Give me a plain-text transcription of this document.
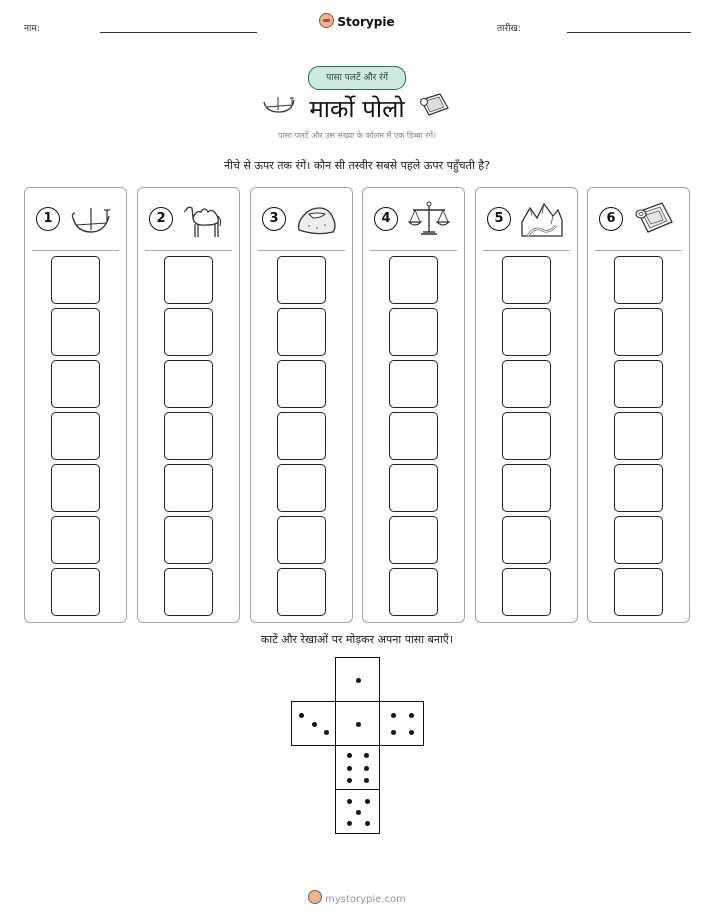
नाम:	Storypie	तारीख:
पासा पलटें और रंगें
मार्को पोलो
पासा पलटें और उस संख्या के कॉलम में एक डिब्बा रंगें।
नीचे से ऊपर तक रंगें। कौन सी तस्वीर सबसे पहले ऊपर पहुँचती है?
1	2	3	4	5	6
काटें और रेखाओं पर मोड़कर अपना पासा बनाएँ।
mystorypie.com
